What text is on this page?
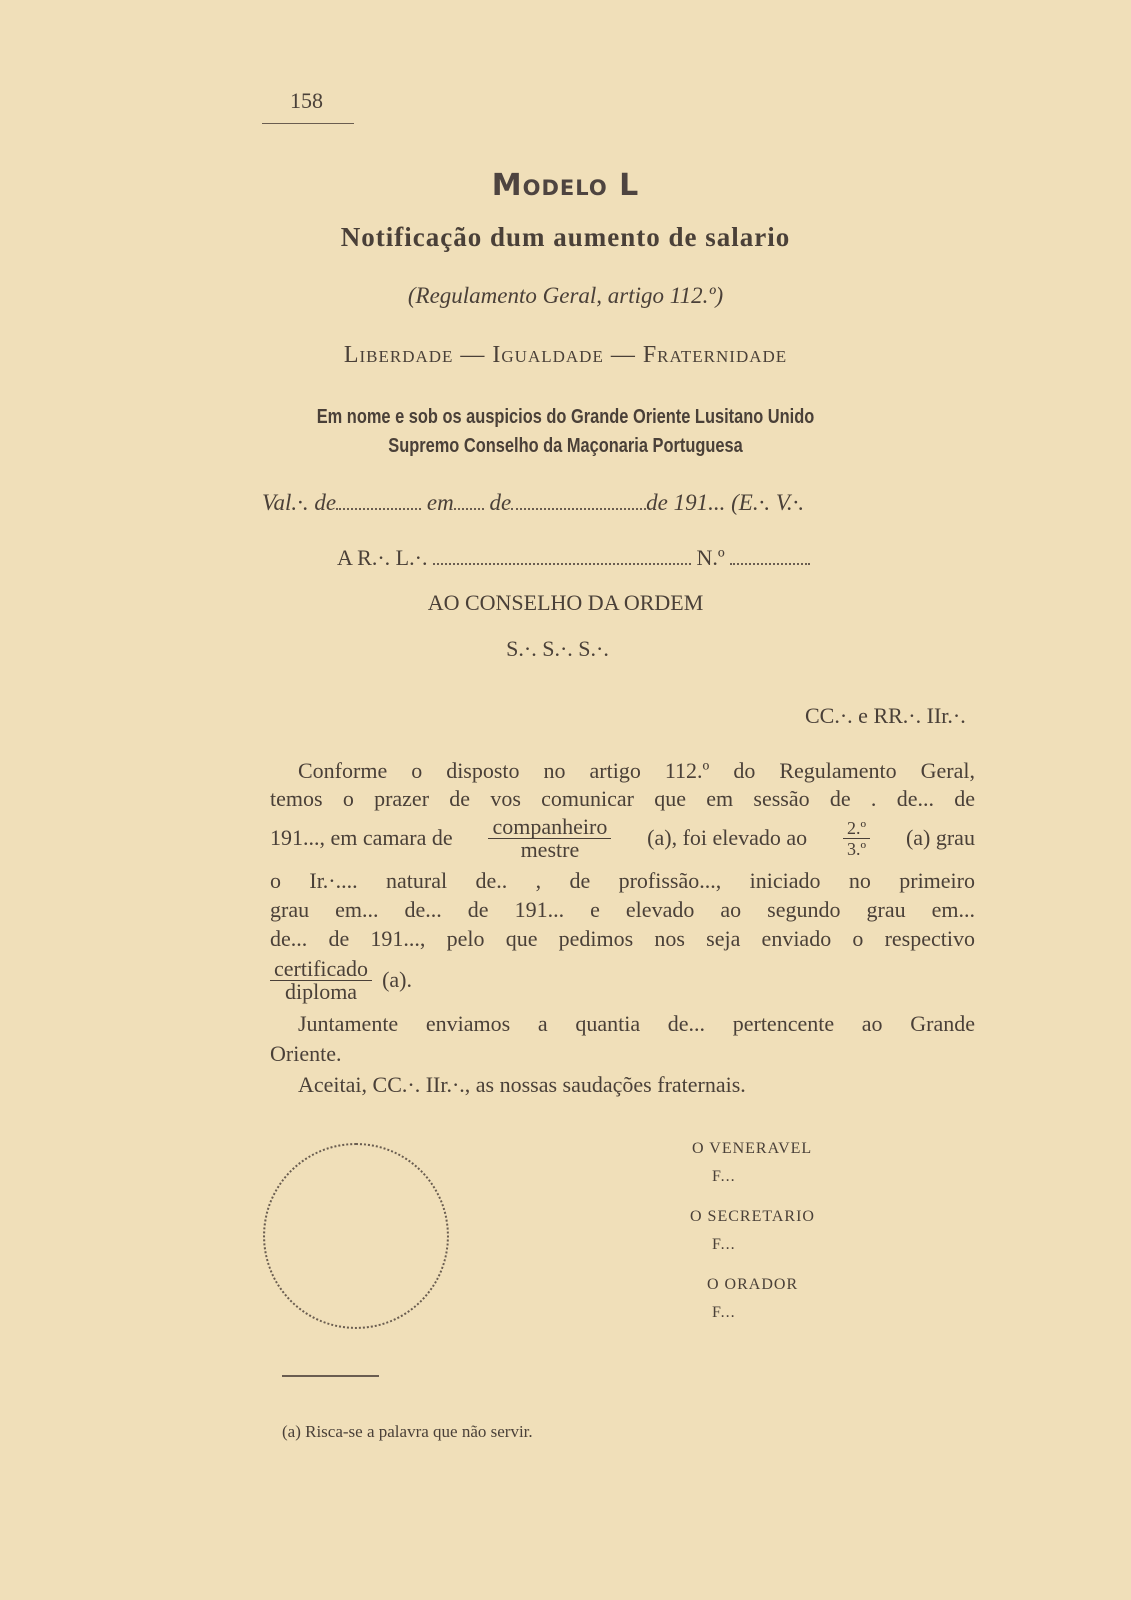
158
Modelo L
Notificação dum aumento de salario
(Regulamento Geral, artigo 112.º)
Liberdade — Igualdade — Fraternidade
Em nome e sob os auspicios do Grande Oriente Lusitano Unido
Supremo Conselho da Maçonaria Portuguesa
Val.·. de	em de	de 191... (E.·. V.·.
A R.·. L.·.	N.º
AO CONSELHO DA ORDEM
S.·. S.·. S.·.
CC.·. e RR.·. IIr.·.
Conforme o disposto no artigo 112.º do Regulamento Geral,
temos o prazer de vos comunicar que em sessão de . de... de
191..., em camara de $\frac{\text{companheiro}}{\text{mestre}} (a)$, foi elevado ao $\frac{\text{2.º}}{\text{3.º}} (a)$ grau
o Ir.·.... natural de.. , de profissão..., iniciado no primeiro
grau em... de... de 191... e elevado ao segundo grau em...
de... de 191..., pelo que pedimos nos seja enviado o respectivo
$\frac{\text{certificado}}{\text{diploma}} (a)$.
Juntamente enviamos a quantia de... pertencente ao Grande
Oriente.
Aceitai, CC.·. IIr.·., as nossas saudações fraternais.
O VENERAVEL
F...
O SECRETARIO
F...
O ORADOR
F...
(a) Risca-se a palavra que não servir.
